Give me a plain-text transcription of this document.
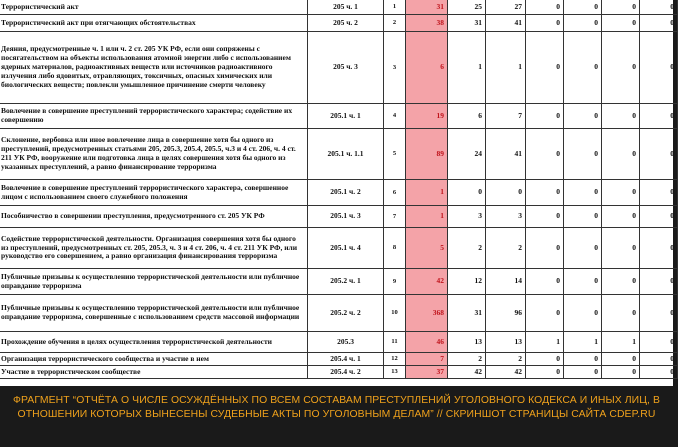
Террористический акт	205 ч. 1	1	31	25	27	0	0	0	0
Террористический акт при отягчающих обстоятельствах	205 ч. 2	2	38	31	41	0	0	0	0
Деяния, предусмотренные ч. 1 или ч. 2 ст. 205 УК РФ, если они сопряжены с посягательством на объекты использования атомной энергии либо с использованием ядерных материалов, радиоактивных веществ или источников радиоактивного излучения либо ядовитых, отравляющих, токсичных, опасных химических или биологических веществ; повлекли умышленное причинение смерти человеку	205 ч. 3	3	6	1	1	0	0	0	0
Вовлечение в совершение преступлений террористического характера; содействие их совершению	205.1 ч. 1	4	19	6	7	0	0	0	0
Склонение, вербовка или иное вовлечение лица в совершение хотя бы одного из преступлений, предусмотренных статьями 205, 205.3, 205.4, 205.5, ч.3 и 4 ст. 206, ч. 4 ст. 211 УК РФ, вооружение или подготовка лица в целях совершения хотя бы одного из указанных преступлений, а равно финансирование терроризма	205.1 ч. 1.1	5	89	24	41	0	0	0	0
Вовлечение в совершение преступлений террористического характера, совершенное лицом с использованием своего служебного положения	205.1 ч. 2	6	1	0	0	0	0	0	0
Пособничество в совершении преступления, предусмотренного ст. 205 УК РФ	205.1 ч. 3	7	1	3	3	0	0	0	0
Содействие террористической деятельности. Организация совершения хотя бы одного из преступлений, предусмотренных ст. 205, 205.3, ч. 3 и 4 ст. 206, ч. 4 ст. 211 УК РФ, или руководство его совершением, а равно организация финансирования терроризма	205.1 ч. 4	8	5	2	2	0	0	0	0
Публичные призывы к осуществлению террористической деятельности или публичное оправдание терроризма	205.2 ч. 1	9	42	12	14	0	0	0	0
Публичные призывы к осуществлению террористической деятельности или публичное оправдание терроризма, совершенные с использованием средств массовой информации	205.2 ч. 2	10	368	31	96	0	0	0	0
Прохождение обучения в целях осуществления террористической деятельности	205.3	11	46	13	13	1	1	1	0
Организация террористического сообщества и участие в нем	205.4 ч. 1	12	7	2	2	0	0	0	0
Участие в террористическом сообществе	205.4 ч. 2	13	37	42	42	0	0	0	0
ФРАГМЕНТ “ОТЧЁТА О ЧИСЛЕ ОСУЖДЁННЫХ ПО ВСЕМ СОСТАВАМ ПРЕСТУПЛЕНИЙ УГОЛОВНОГО КОДЕКСА И ИНЫХ ЛИЦ, В ОТНОШЕНИИ КОТОРЫХ ВЫНЕСЕНЫ СУДЕБНЫЕ АКТЫ ПО УГОЛОВНЫМ ДЕЛАМ” // СКРИНШОТ СТРАНИЦЫ САЙТА CDEP.RU
